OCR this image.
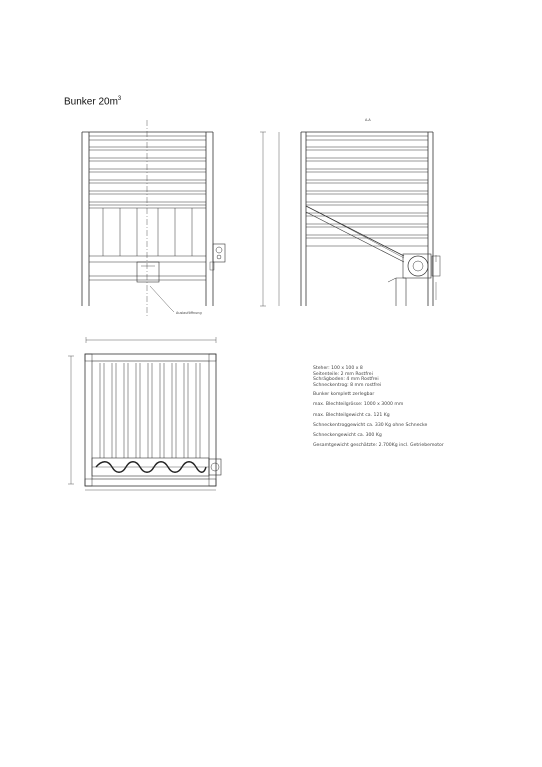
Bunker $20m^3$
Auslauföffnung
A-A
Steher: 100 x 100 x 8
Seitenteile: 2 mm Rostfrei
Schrägboden: 4 mm Rostfrei
Schneckentrog: 8 mm rostfrei
Bunker komplett zerlegbar
max. Blechteilgrösse: 1000 x 3000 mm
max. Blechteilgewicht ca. 121 Kg
Schneckentroggewicht ca. 330 Kg ohne Schnecke
Schneckengewicht ca. 300 Kg
Gesamtgewicht geschätzte: 2.700Kg incl. Getriebemotor
